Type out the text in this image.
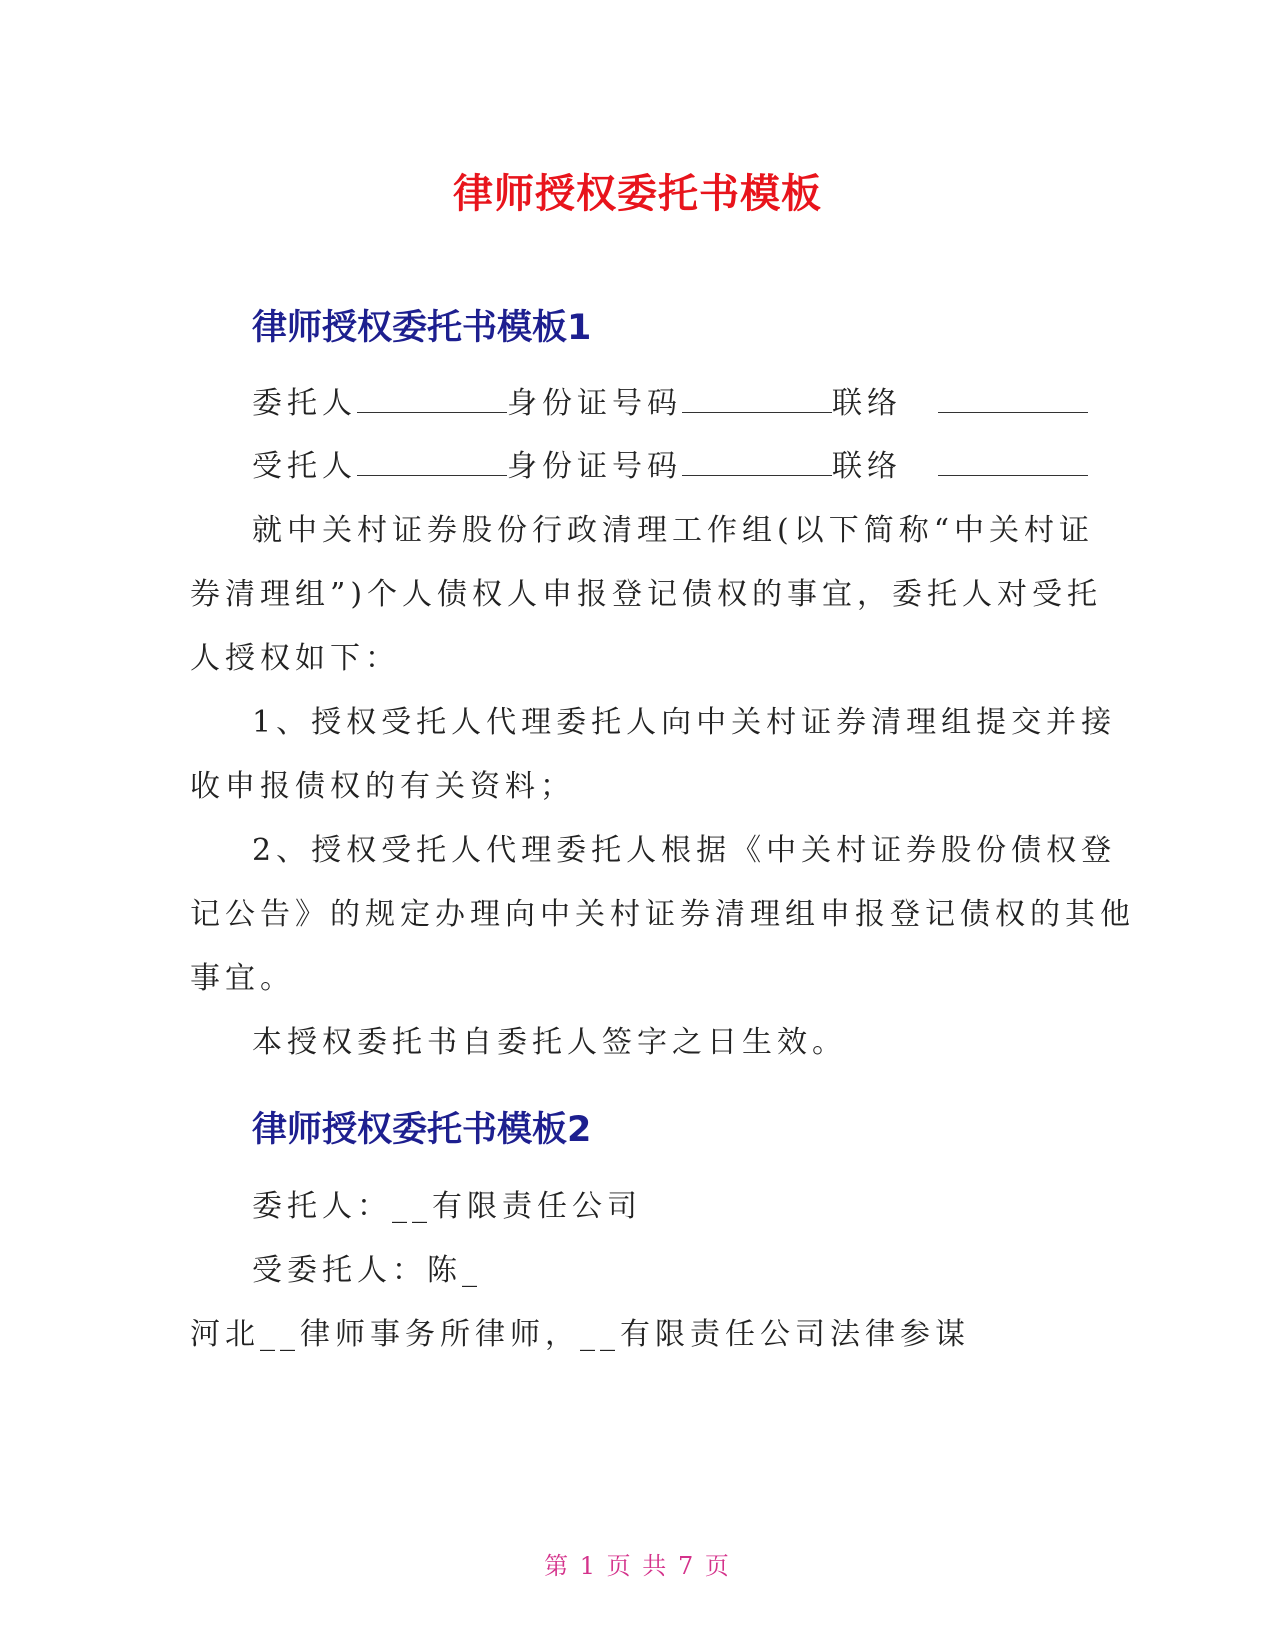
律师授权委托书模板
律师授权委托书模板1
委托人	身份证号码	联络
受托人	身份证号码	联络
就中关村证券股份行政清理工作组(以下简称“中关村证
券清理组”)个人债权人申报登记债权的事宜，委托人对受托
人授权如下：
1、授权受托人代理委托人向中关村证券清理组提交并接
收申报债权的有关资料；
2、授权受托人代理委托人根据《中关村证券股份债权登
记公告》的规定办理向中关村证券清理组申报登记债权的其他
事宜。
本授权委托书自委托人签字之日生效。
律师授权委托书模板2
委托人：__有限责任公司
受委托人：陈_
河北__律师事务所律师，__有限责任公司法律参谋
第 1 页 共 7 页
